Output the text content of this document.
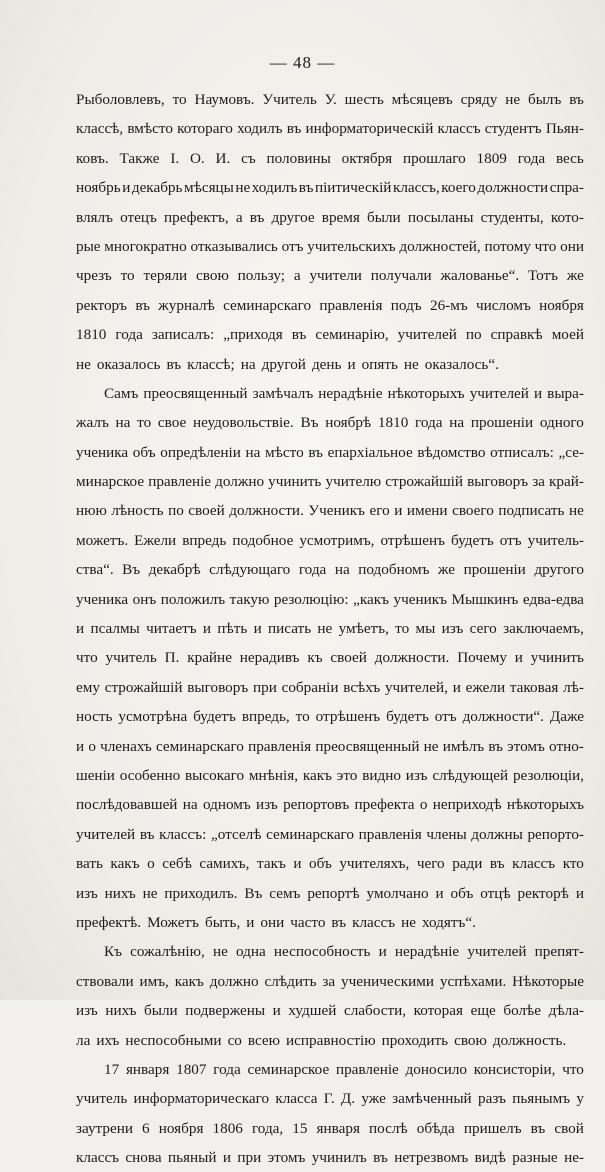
— 48 —
Рыболовлевъ, то Наумовъ. Учитель У. шесть мѣсяцевъ сряду не былъ въ
классѣ, вмѣсто котораго ходилъ въ информаторическій классъ студентъ Пьян-
ковъ. Также І. О. И. съ половины октября прошлаго 1809 года весь
ноябрь и декабрь мѣсяцы не ходилъ въ піитическій классъ, коего должности спра-
влялъ отецъ префектъ, а въ другое время были посыланы студенты, кото-
рые многократно отказывались отъ учительскихъ должностей, потому что они
чрезъ то теряли свою пользу; а учители получали жалованье“. Тотъ же
ректоръ въ журналѣ семинарскаго правленія подъ 26-мъ числомъ ноября
1810 года записалъ: „приходя въ семинарію, учителей по справкѣ моей
не оказалось въ классѣ; на другой день и опять не оказалось“.
Самъ преосвященный замѣчалъ нерадѣніе нѣкоторыхъ учителей и выра-
жалъ на то свое неудовольствіе. Въ ноябрѣ 1810 года на прошеніи одного
ученика объ опредѣленіи на мѣсто въ епархіальное вѣдомство отписалъ: „се-
минарское правленіе должно учинить учителю строжайшій выговоръ за край-
нюю лѣность по своей должности. Ученикъ его и имени своего подписать не
можетъ. Ежели впредь подобное усмотримъ, отрѣшенъ будетъ отъ учитель-
ства“. Въ декабрѣ слѣдующаго года на подобномъ же прошеніи другого
ученика онъ положилъ такую резолюцію: „какъ ученикъ Мышкинъ едва-едва
и псалмы читаетъ и пѣть и писать не умѣетъ, то мы изъ сего заключаемъ,
что учитель П. крайне нерадивъ къ своей должности. Почему и учинить
ему строжайшій выговоръ при собраніи всѣхъ учителей, и ежели таковая лѣ-
ность усмотрѣна будетъ впредь, то отрѣшенъ будетъ отъ должности“. Даже
и о членахъ семинарскаго правленія преосвященный не имѣлъ въ этомъ отно-
шеніи особенно высокаго мнѣнія, какъ это видно изъ слѣдующей резолюціи,
послѣдовавшей на одномъ изъ репортовъ префекта о неприходѣ нѣкоторыхъ
учителей въ классъ: „отселѣ семинарскаго правленія члены должны репорто-
вать какъ о себѣ самихъ, такъ и объ учителяхъ, чего ради въ классъ кто
изъ нихъ не приходилъ. Въ семъ репортѣ умолчано и объ отцѣ ректорѣ и
префектѣ. Можетъ быть, и они часто въ классъ не ходятъ“.
Къ сожалѣнію, не одна неспособность и нерадѣніе учителей препят-
ствовали имъ, какъ должно слѣдить за ученическими успѣхами. Нѣкоторые
изъ нихъ были подвержены и худшей слабости, которая еще болѣе дѣла-
ла ихъ неспособными со всею исправностію проходить свою должность.
17 января 1807 года семинарское правленіе доносило консисторіи, что
учитель информаторическаго класса Г. Д. уже замѣченный разъ пьянымъ у
заутрени 6 ноября 1806 года, 15 января послѣ обѣда пришелъ въ свой
классъ снова пьяный и при этомъ учинилъ въ нетрезвомъ видѣ разные не-
